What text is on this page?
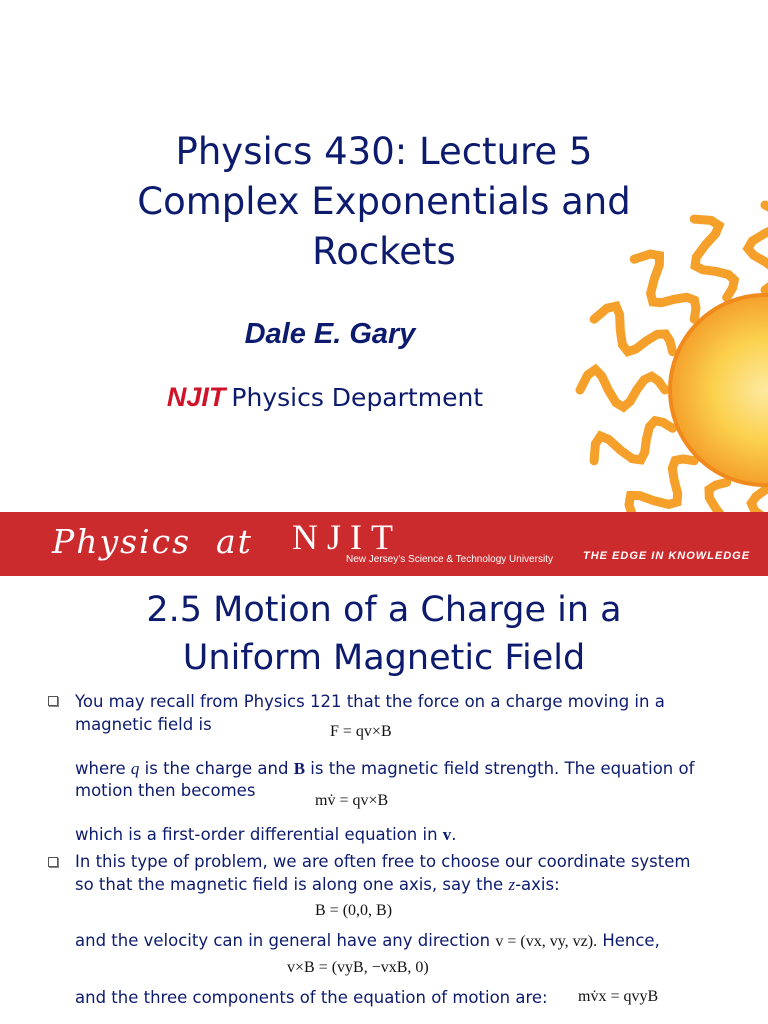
Physics 430: Lecture 5
Complex Exponentials and
Rockets
Dale E. Gary
NJIT Physics Department
Physics at NJIT
New Jersey’s Science & Technology University	THE EDGE IN KNOWLEDGE
2.5 Motion of a Charge in a
Uniform Magnetic Field
You may recall from Physics 121 that the force on a charge moving in a
magnetic field is	F = qv×B
where q is the charge and B is the magnetic field strength. The equation of
motion then becomes
mv̇ = qv×B
which is a first-order differential equation in v.
In this type of problem, we are often free to choose our coordinate system
so that the magnetic field is along one axis, say the z-axis:
B = (0,0, B)
and the velocity can in general have any direction v = (vx, vy, vz). Hence,
v×B = (vyB, −vxB, 0)
and the three components of the equation of motion are: mv̇x = qvyB
